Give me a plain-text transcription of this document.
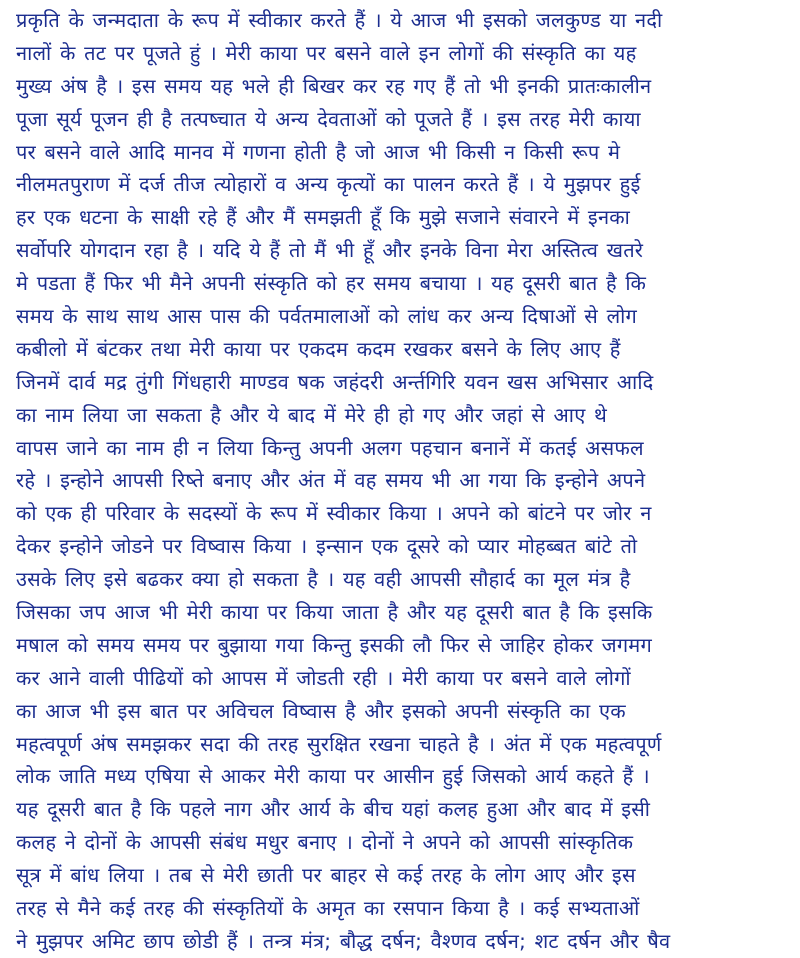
प्रकृति के जन्मदाता के रूप में स्वीकार करते हैं । ये आज भी इसको जलकुण्ड या नदी
नालों के तट पर पूजते हुं । मेरी काया पर बसने वाले इन लोगों की संस्कृति का यह
मुख्य अंष है । इस समय यह भले ही बिखर कर रह गए हैं तो भी इनकी प्रातःकालीन
पूजा सूर्य पूजन ही है तत्पष्चात ये अन्य देवताओं को पूजते हैं । इस तरह मेरी काया
पर बसने वाले आदि मानव में गणना होती है जो आज भी किसी न किसी रूप मे
नीलमतपुराण में दर्ज तीज त्योहारों व अन्य कृत्यों का पालन करते हैं । ये मुझपर हुई
हर एक धटना के साक्षी रहे हैं और मैं समझती हूँ कि मुझे सजाने संवारने में इनका
सर्वोपरि योगदान रहा है । यदि ये हैं तो मैं भी हूँ और इनके विना मेरा अस्तित्व खतरे
मे पडता हैं फिर भी मैने अपनी संस्कृति को हर समय बचाया । यह दूसरी बात है कि
समय के साथ साथ आस पास की पर्वतमालाओं को लांध कर अन्य दिषाओं से लोग
कबीलो में बंटकर तथा मेरी काया पर एकदम कदम रखकर बसने के लिए आए हैं
जिनमें दार्व मद्र तुंगी गिंधहारी माण्डव षक जहंदरी अर्न्तगिरि यवन खस अभिसार आदि
का नाम लिया जा सकता है और ये बाद में मेरे ही हो गए और जहां से आए थे
वापस जाने का नाम ही न लिया किन्तु अपनी अलग पहचान बनानें में कतई असफल
रहे । इन्होने आपसी रिष्ते बनाए और अंत में वह समय भी आ गया कि इन्होने अपने
को एक ही परिवार के सदस्यों के रूप में स्वीकार किया । अपने को बांटने पर जोर न
देकर इन्होने जोडने पर विष्वास किया । इन्सान एक दूसरे को प्यार मोहब्बत बांटे तो
उसके लिए इसे बढकर क्या हो सकता है । यह वही आपसी सौहार्द का मूल मंत्र है
जिसका जप आज भी मेरी काया पर किया जाता है और यह दूसरी बात है कि इसकि
मषाल को समय समय पर बुझाया गया किन्तु इसकी लौ फिर से जाहिर होकर जगमग
कर आने वाली पीढियों को आपस में जोडती रही । मेरी काया पर बसने वाले लोगों
का आज भी इस बात पर अविचल विष्वास है और इसको अपनी संस्कृति का एक
महत्वपूर्ण अंष समझकर सदा की तरह सुरक्षित रखना चाहते है । अंत में एक महत्वपूर्ण
लोक जाति मध्य एषिया से आकर मेरी काया पर आसीन हुई जिसको आर्य कहते हैं ।
यह दूसरी बात है कि पहले नाग और आर्य के बीच यहां कलह हुआ और बाद में इसी
कलह ने दोनों के आपसी संबंध मधुर बनाए । दोनों ने अपने को आपसी सांस्कृतिक
सूत्र में बांध लिया । तब से मेरी छाती पर बाहर से कई तरह के लोग आए और इस
तरह से मैने कई तरह की संस्कृतियों के अमृत का रसपान किया है । कई सभ्यताओं
ने मुझपर अमिट छाप छोडी हैं । तन्त्र मंत्र; बौद्ध दर्षन; वैश्णव दर्षन; शट दर्षन और षैव
